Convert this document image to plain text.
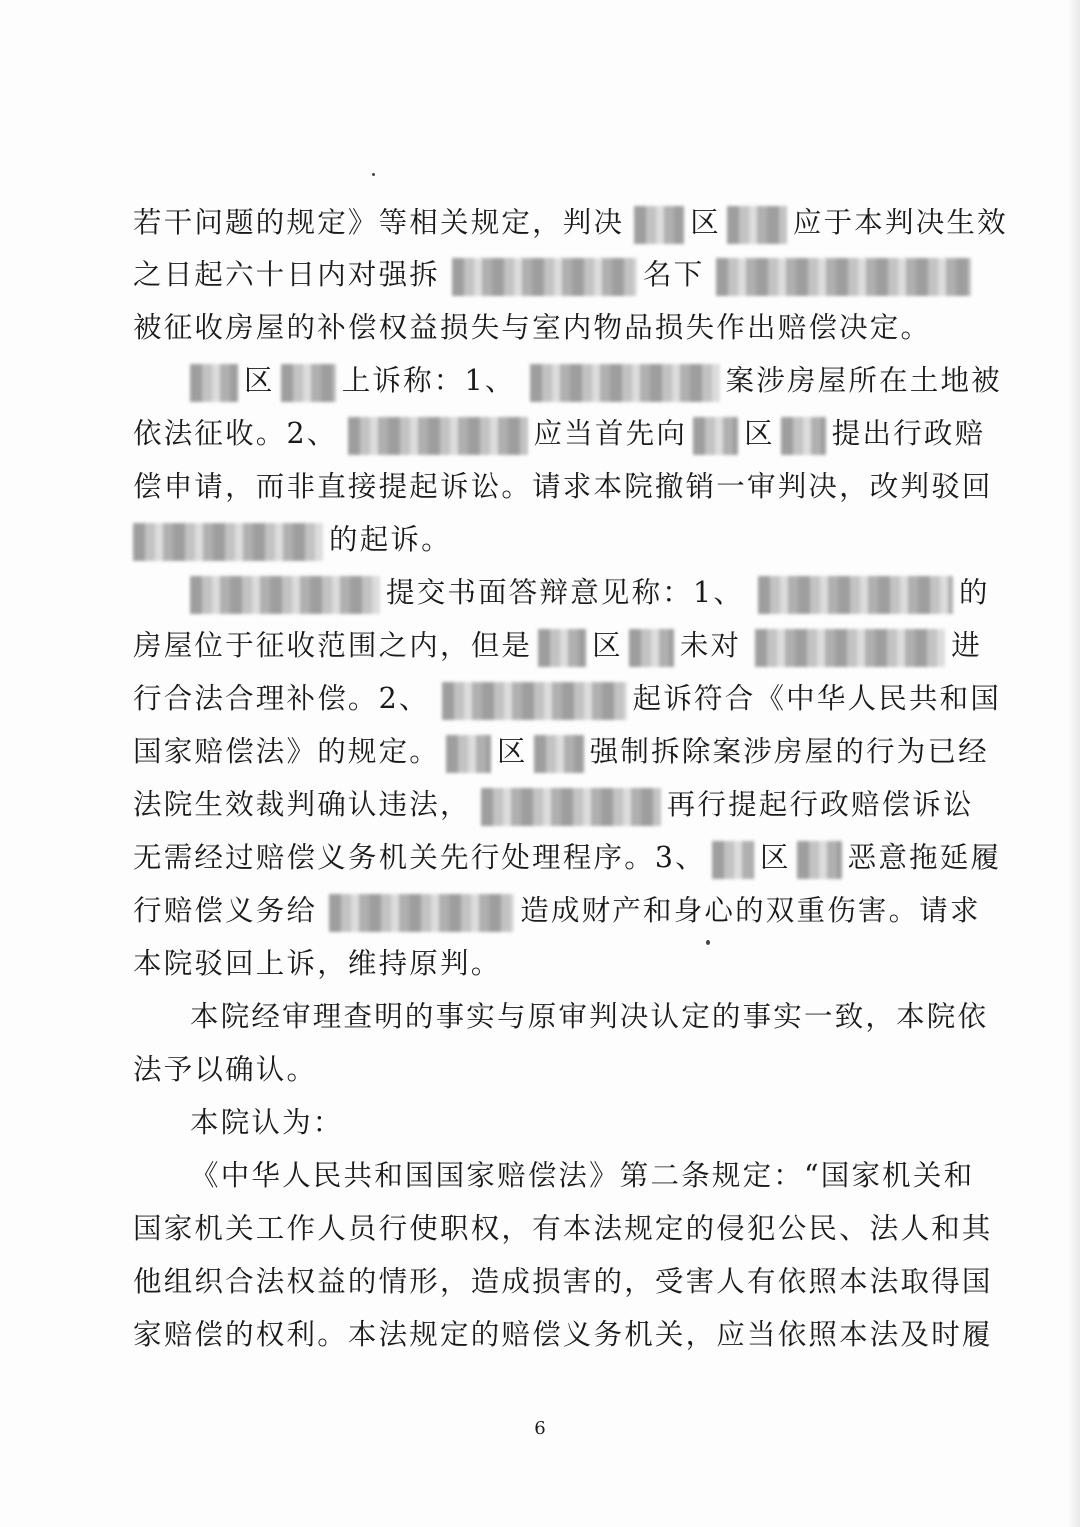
若干问题的规定》等相关规定，判决 区	应于本判决生效
之日起六十日内对强拆	名下
被征收房屋的补偿权益损失与室内物品损失作出赔偿决定。
区 上诉称：1、	案涉房屋所在土地被
依法征收。2、	应当首先向 区 提出行政赔
偿申请，而非直接提起诉讼。请求本院撤销一审判决，改判驳回
的起诉。
提交书面答辩意见称：1、	的
房屋位于征收范围之内，但是 区 未对	进
行合法合理补偿。2、	起诉符合《中华人民共和国
国家赔偿法》的规定。 区 强制拆除案涉房屋的行为已经
法院生效裁判确认违法，	再行提起行政赔偿诉讼
无需经过赔偿义务机关先行处理程序。3、 区 恶意拖延履
行赔偿义务给	造成财产和身心的双重伤害。请求
本院驳回上诉，维持原判。
本院经审理查明的事实与原审判决认定的事实一致，本院依
法予以确认。
本院认为：
《中华人民共和国国家赔偿法》第二条规定：“国家机关和
国家机关工作人员行使职权，有本法规定的侵犯公民、法人和其
他组织合法权益的情形，造成损害的，受害人有依照本法取得国
家赔偿的权利。本法规定的赔偿义务机关，应当依照本法及时履
6
